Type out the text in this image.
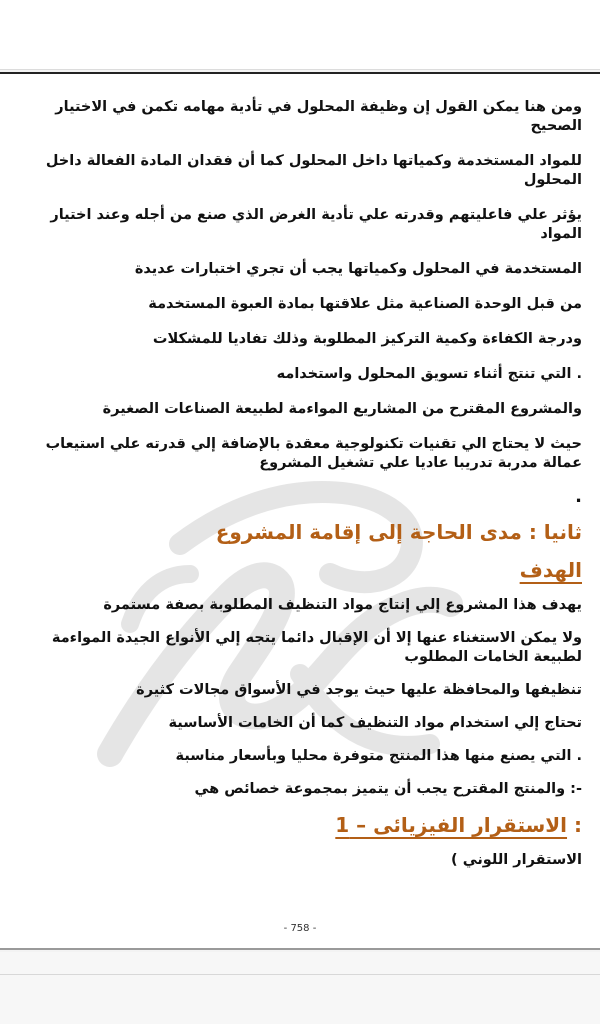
ومن هنا يمكن القول إن وظيفة المحلول في تأدية مهامه تكمن في الاختيار الصحيح

للمواد المستخدمة وكمياتها داخل المحلول كما أن فقدان المادة الفعالة داخل المحلول

يؤثر علي فاعليتهم وقدرته علي تأدية الغرض الذي صنع من أجله وعند اختيار المواد

المستخدمة في المحلول وكمياتها يجب أن تجري اختبارات عديدة

من قبل الوحدة الصناعية مثل علاقتها بمادة العبوة المستخدمة

ودرجة الكفاءة وكمية التركيز المطلوبة وذلك تفاديا للمشكلات

. التي تنتج أثناء تسويق المحلول واستخدامه

والمشروع المقترح من المشاريع المواءمة لطبيعة الصناعات الصغيرة

حيث لا يحتاج الي تقنيات تكنولوجية معقدة بالإضافة إلي قدرته علي استيعاب عمالة مدربة تدريبا عاديا علي تشغيل المشروع

.

ثانيا : مدى الحاجة إلى إقامة المشروع
الهدف

يهدف هذا المشروع إلي إنتاج مواد التنظيف المطلوبة بصفة مستمرة

ولا يمكن الاستغناء عنها إلا أن الإقبال دائما يتجه إلي الأنواع الجيدة المواءمة لطبيعة الخامات المطلوب

تنظيفها والمحافظة عليها حيث يوجد في الأسواق مجالات كثيرة

تحتاج إلي استخدام مواد التنظيف كما أن الخامات الأساسية

. التي يصنع منها هذا المنتج متوفرة محليا وبأسعار مناسبة

-: والمنتج المقترح يجب أن يتميز بمجموعة خصائص هي

: الاستقرار الفيزيائى – 1

الاستقرار اللوني )

- 758 -
